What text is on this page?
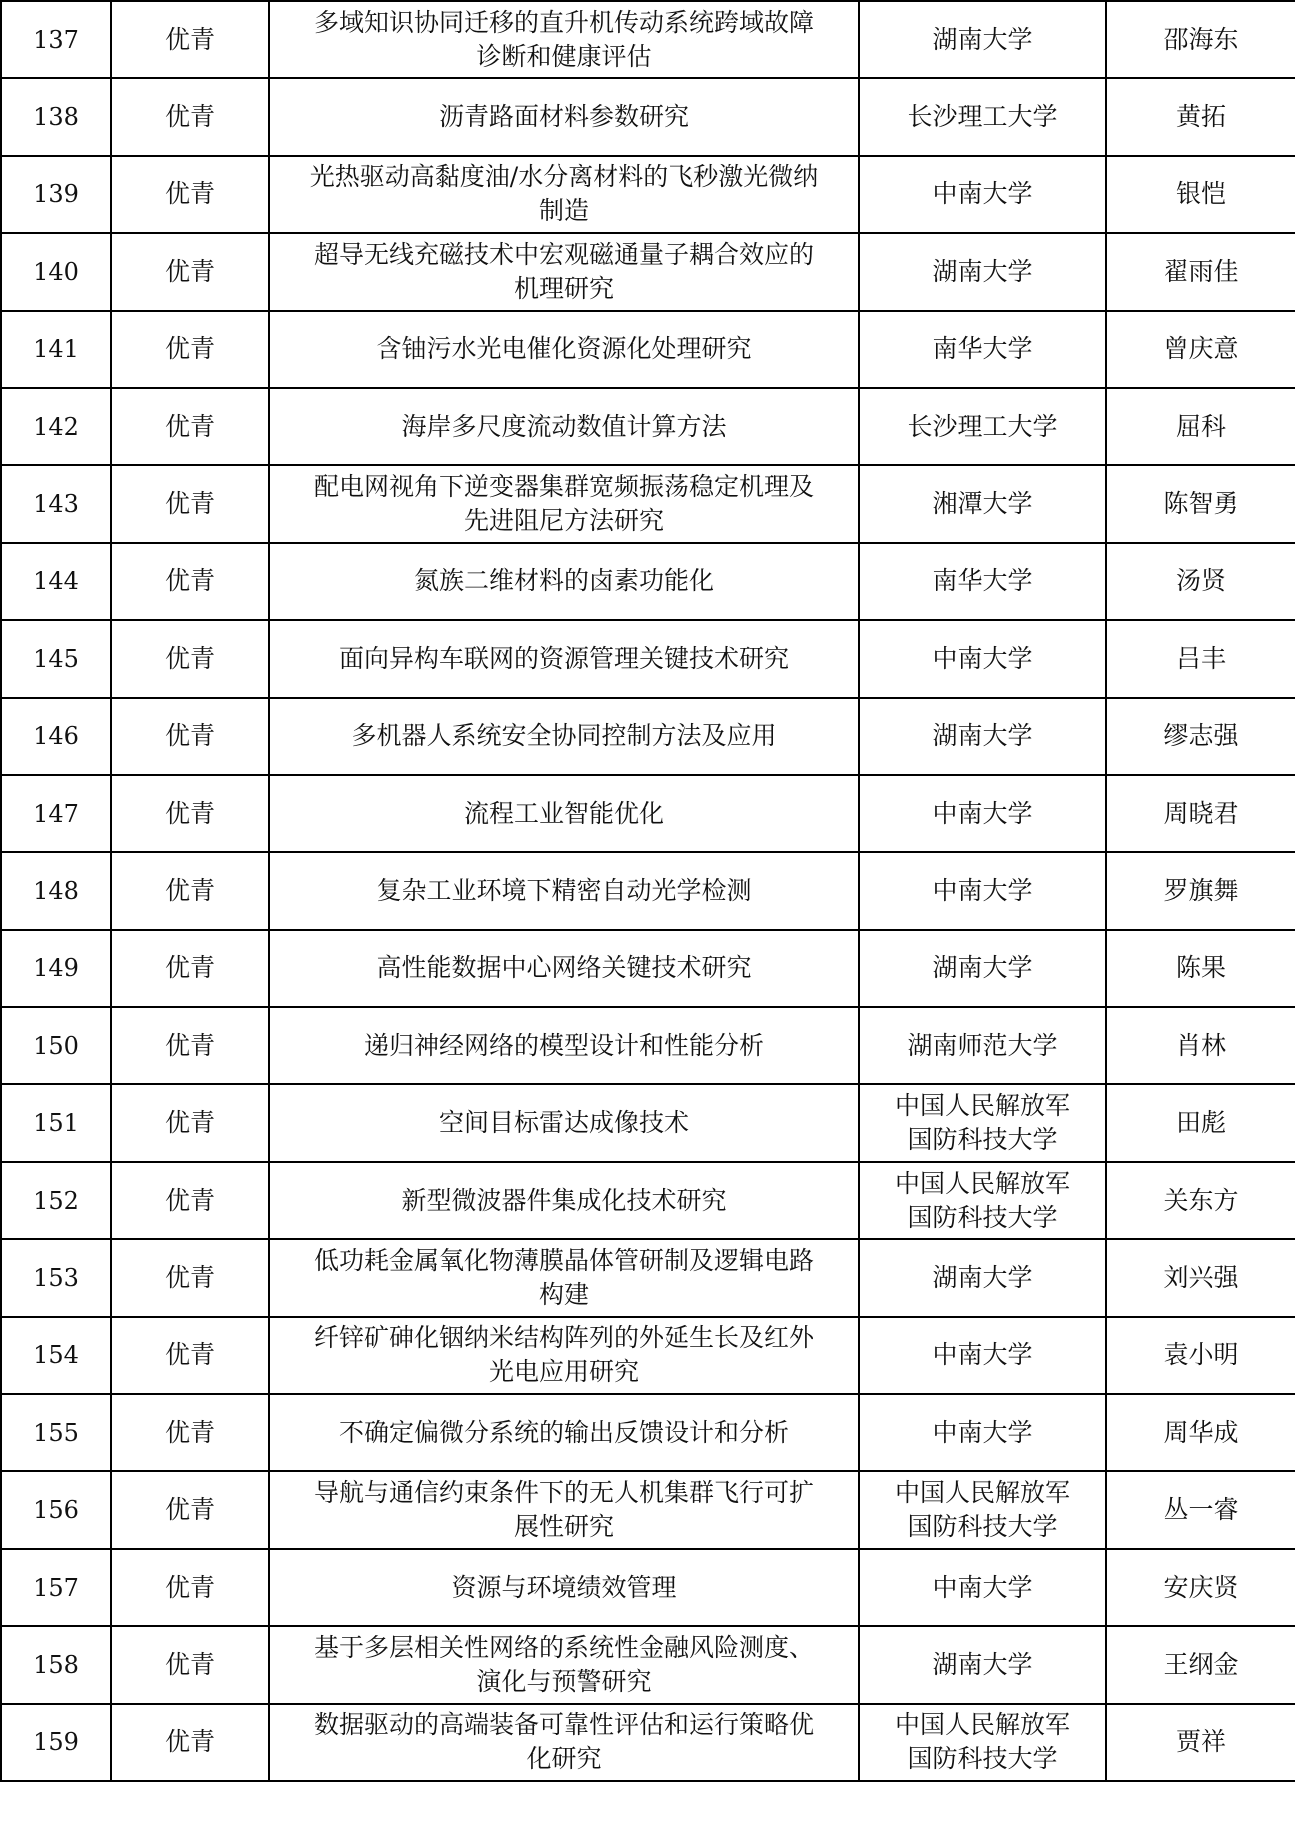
137	优青	多域知识协同迁移的直升机传动系统跨域故障
诊断和健康评估	湖南大学	邵海东
138	优青	沥青路面材料参数研究	长沙理工大学	黄拓
139	优青	光热驱动高黏度油/水分离材料的飞秒激光微纳
制造	中南大学	银恺
140	优青	超导无线充磁技术中宏观磁通量子耦合效应的
机理研究	湖南大学	翟雨佳
141	优青	含铀污水光电催化资源化处理研究	南华大学	曾庆意
142	优青	海岸多尺度流动数值计算方法	长沙理工大学	屈科
143	优青	配电网视角下逆变器集群宽频振荡稳定机理及
先进阻尼方法研究	湘潭大学	陈智勇
144	优青	氮族二维材料的卤素功能化	南华大学	汤贤
145	优青	面向异构车联网的资源管理关键技术研究	中南大学	吕丰
146	优青	多机器人系统安全协同控制方法及应用	湖南大学	缪志强
147	优青	流程工业智能优化	中南大学	周晓君
148	优青	复杂工业环境下精密自动光学检测	中南大学	罗旗舞
149	优青	高性能数据中心网络关键技术研究	湖南大学	陈果
150	优青	递归神经网络的模型设计和性能分析	湖南师范大学	肖林
151	优青	空间目标雷达成像技术	中国人民解放军
国防科技大学	田彪
152	优青	新型微波器件集成化技术研究	中国人民解放军
国防科技大学	关东方
153	优青	低功耗金属氧化物薄膜晶体管研制及逻辑电路
构建	湖南大学	刘兴强
154	优青	纤锌矿砷化铟纳米结构阵列的外延生长及红外
光电应用研究	中南大学	袁小明
155	优青	不确定偏微分系统的输出反馈设计和分析	中南大学	周华成
156	优青	导航与通信约束条件下的无人机集群飞行可扩
展性研究	中国人民解放军
国防科技大学	丛一睿
157	优青	资源与环境绩效管理	中南大学	安庆贤
158	优青	基于多层相关性网络的系统性金融风险测度、
演化与预警研究	湖南大学	王纲金
159	优青	数据驱动的高端装备可靠性评估和运行策略优
化研究	中国人民解放军
国防科技大学	贾祥
